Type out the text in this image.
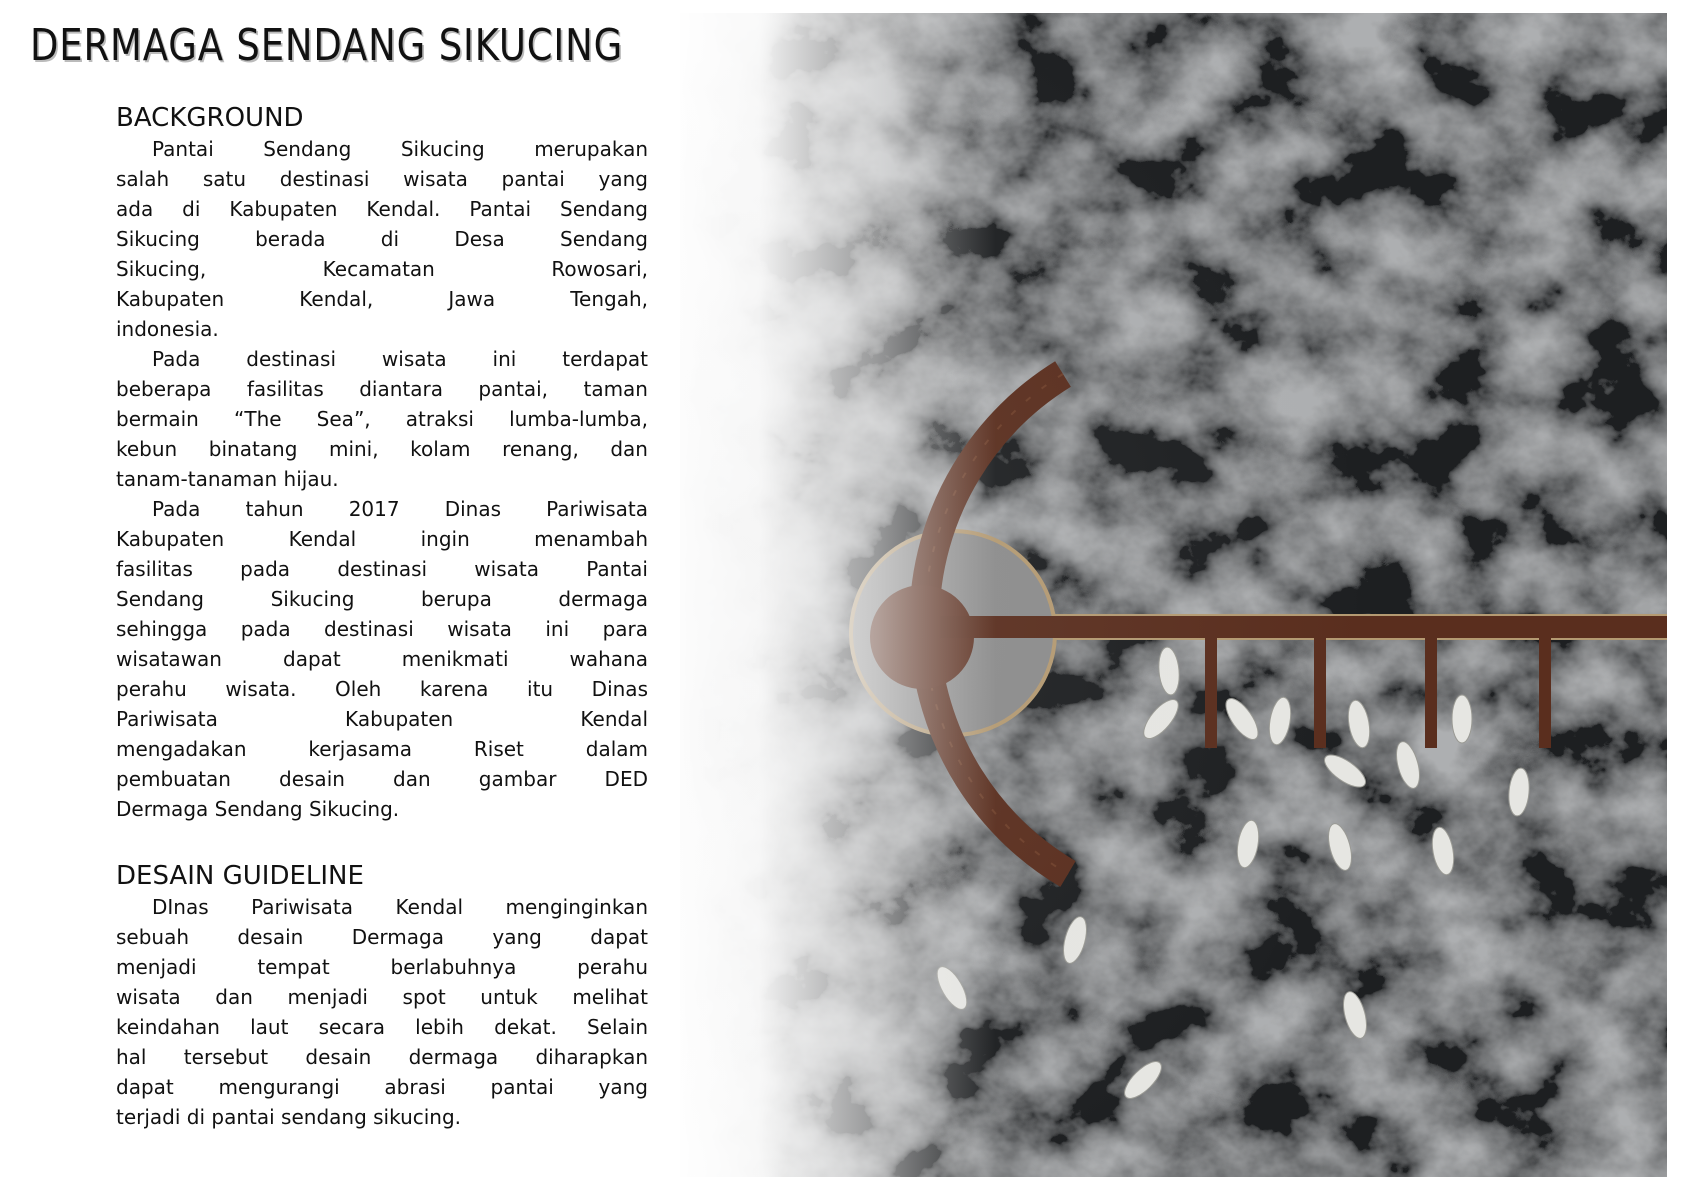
DERMAGA SENDANG SIKUCING
BACKGROUND
Pantai Sendang Sikucing merupakan
salah satu destinasi wisata pantai yang
ada di Kabupaten Kendal. Pantai Sendang
Sikucing berada di Desa Sendang
Sikucing, Kecamatan Rowosari,
Kabupaten Kendal, Jawa Tengah,
indonesia.
Pada destinasi wisata ini terdapat
beberapa fasilitas diantara pantai, taman
bermain “The Sea”, atraksi lumba-lumba,
kebun binatang mini, kolam renang, dan
tanam-tanaman hijau.
Pada tahun 2017 Dinas Pariwisata
Kabupaten Kendal ingin menambah
fasilitas pada destinasi wisata Pantai
Sendang Sikucing berupa dermaga
sehingga pada destinasi wisata ini para
wisatawan dapat menikmati wahana
perahu wisata. Oleh karena itu Dinas
Pariwisata Kabupaten Kendal
mengadakan kerjasama Riset dalam
pembuatan desain dan gambar DED
Dermaga Sendang Sikucing.
DESAIN GUIDELINE
DInas Pariwisata Kendal menginginkan
sebuah desain Dermaga yang dapat
menjadi tempat berlabuhnya perahu
wisata dan menjadi spot untuk melihat
keindahan laut secara lebih dekat. Selain
hal tersebut desain dermaga diharapkan
dapat mengurangi abrasi pantai yang
terjadi di pantai sendang sikucing.
